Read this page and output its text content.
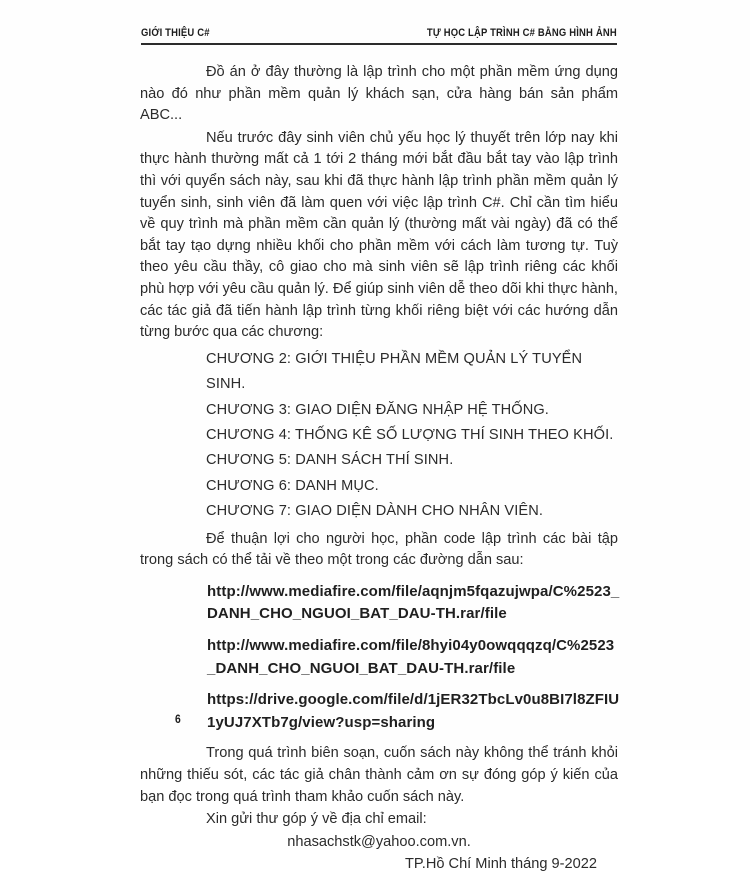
GIỚI THIỆU C#	TỰ HỌC LẬP TRÌNH C# BẰNG HÌNH ẢNH

Đồ án ở đây thường là lập trình cho một phần mềm ứng dụng nào đó như phần mềm quản lý khách sạn, cửa hàng bán sản phẩm ABC...

Nếu trước đây sinh viên chủ yếu học lý thuyết trên lớp nay khi thực hành thường mất cả 1 tới 2 tháng mới bắt đầu bắt tay vào lập trình thì với quyển sách này, sau khi đã thực hành lập trình phần mềm quản lý tuyển sinh, sinh viên đã làm quen với việc lập trình C#. Chỉ cần tìm hiểu về quy trình mà phần mềm cần quản lý (thường mất vài ngày) đã có thể bắt tay tạo dựng nhiều khối cho phần mềm với cách làm tương tự. Tuỳ theo yêu cầu thầy, cô giao cho mà sinh viên sẽ lập trình riêng các khối phù hợp với yêu cầu quản lý. Để giúp sinh viên dễ theo dõi khi thực hành, các tác giả đã tiến hành lập trình từng khối riêng biệt với các hướng dẫn từng bước qua các chương:

CHƯƠNG 2: GIỚI THIỆU PHẦN MỀM QUẢN LÝ TUYỂN SINH.
CHƯƠNG 3: GIAO DIỆN ĐĂNG NHẬP HỆ THỐNG.
CHƯƠNG 4: THỐNG KÊ SỐ LƯỢNG THÍ SINH THEO KHỐI.
CHƯƠNG 5: DANH SÁCH THÍ SINH.
CHƯƠNG 6: DANH MỤC.
CHƯƠNG 7: GIAO DIỆN DÀNH CHO NHÂN VIÊN.

Để thuận lợi cho người học, phần code lập trình các bài tập trong sách có thể tải về theo một trong các đường dẫn sau:

http://www.mediafire.com/file/aqnjm5fqazujwpa/C%2523_
DANH_CHO_NGUOI_BAT_DAU-TH.rar/file
http://www.mediafire.com/file/8hyi04y0owqqqzq/C%2523
_DANH_CHO_NGUOI_BAT_DAU-TH.rar/file
https://drive.google.com/file/d/1jER32TbcLv0u8BI7l8ZFIU
1yUJ7XTb7g/view?usp=sharing

Trong quá trình biên soạn, cuốn sách này không thể tránh khỏi những thiếu sót, các tác giả chân thành cảm ơn sự đóng góp ý kiến của bạn đọc trong quá trình tham khảo cuốn sách này.

Xin gửi thư góp ý về địa chỉ email:

nhasachstk@yahoo.com.vn.

TP.Hồ Chí Minh tháng 9-2022

6
